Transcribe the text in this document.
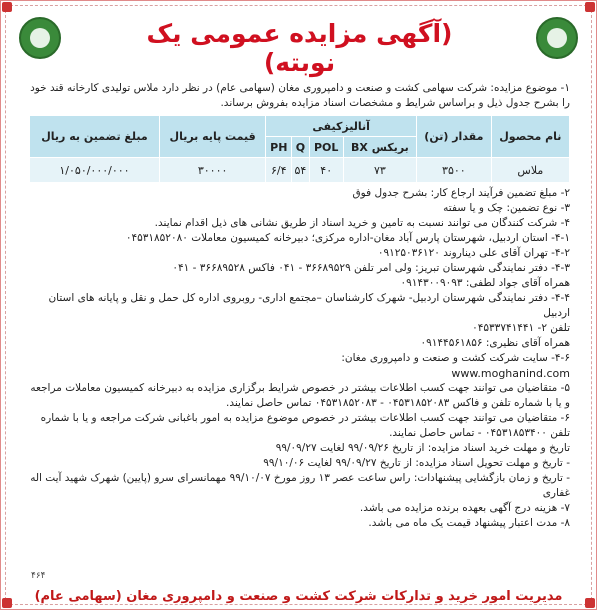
(آگهی مزایده عمومی یک نوبته)

۱- موضوع مزایده: شرکت سهامی کشت و صنعت و دامپروری مغان (سهامی عام) در نظر دارد ملاس تولیدی کارخانه قند خود را بشرح جدول ذیل و براساس شرایط و مشخصات اسناد مزایده بفروش برساند.

نام محصول	مقدار (تن)	آنالیزکیفی				قیمت پایه بریال	مبلغ تضمین به ریال
		بریکس BX	POL	Q	PH		
ملاس	۳۵۰۰	۷۳	۴۰	۵۴	۶/۴	۳۰۰۰۰	۱/۰۵۰/۰۰۰/۰۰۰

۲- مبلغ تضمین فرآیند ارجاع کار: بشرح جدول فوق

۳- نوع تضمین: چک و یا سفته

۴- شرکت کنندگان می توانند نسبت به تامین و خرید اسناد از طریق نشانی های ذیل اقدام نمایند.

۴-۱- استان اردبیل، شهرستان پارس آباد مغان-اداره مرکزی؛ دبیرخانه کمیسیون معاملات ۰۴۵۳۱۸۵۲۰۸۰

۴-۲- تهران آقای علی دیناروند ۰۹۱۲۵۰۳۶۱۲۰

۴-۳- دفتر نمایندگی شهرستان تبریز: ولی امر تلفن ۳۶۶۸۹۵۲۹ - ۰۴۱ فاکس ۳۶۶۸۹۵۲۸ - ۰۴۱

همراه آقای جواد لطفی: ۰۹۱۴۳۰۰۹۰۹۳

۴-۴- دفتر نمایندگی شهرستان اردبیل- شهرک کارشناسان –مجتمع اداری- روبروی اداره کل حمل و نقل و پایانه های استان اردبیل

تلفن ۲- ۰۴۵۳۳۷۴۱۴۴۱

همراه آقای نظیری: ۰۹۱۴۴۵۶۱۸۵۶

۴-۶- سایت شرکت کشت و صنعت و دامپروری مغان:

www.moghanind.com

۵- متقاضیان می توانند جهت کسب اطلاعات بیشتر در خصوص شرایط برگزاری مزایده به دبیرخانه کمیسیون معاملات مراجعه و یا با شماره تلفن و فاکس ۰۴۵۳۱۸۵۲۰۸۳ - ۰۴۵۳۱۸۵۲۰۸۳ تماس حاصل نمایند.

۶- متقاضیان می توانند جهت کسب اطلاعات بیشتر در خصوص موضوع مزایده به امور باغبانی شرکت مراجعه و یا با شماره تلفن ۰۴۵۳۱۸۵۳۴۰۰ - تماس حاصل نمایند.

تاریخ و مهلت خرید اسناد مزایده: از تاریخ ۹۹/۰۹/۲۶ لغایت ۹۹/۰۹/۲۷

- تاریخ و مهلت تحویل اسناد مزایده: از تاریخ ۹۹/۰۹/۲۷ لغایت ۹۹/۱۰/۰۶

- تاریخ و زمان بازگشایی پیشنهادات: راس ساعت عصر ۱۳ روز مورخ ۹۹/۱۰/۰۷ مهمانسرای سرو (پایین) شهرک شهید آیت اله غفاری

۷- هزینه درج آگهی بعهده برنده مزایده می باشد.

۸- مدت اعتبار پیشنهاد قیمت یک ماه می باشد.

۴۶۴
مدیریت امور خرید و تدارکات شرکت کشت و صنعت و دامپروری مغان (سهامی عام)
